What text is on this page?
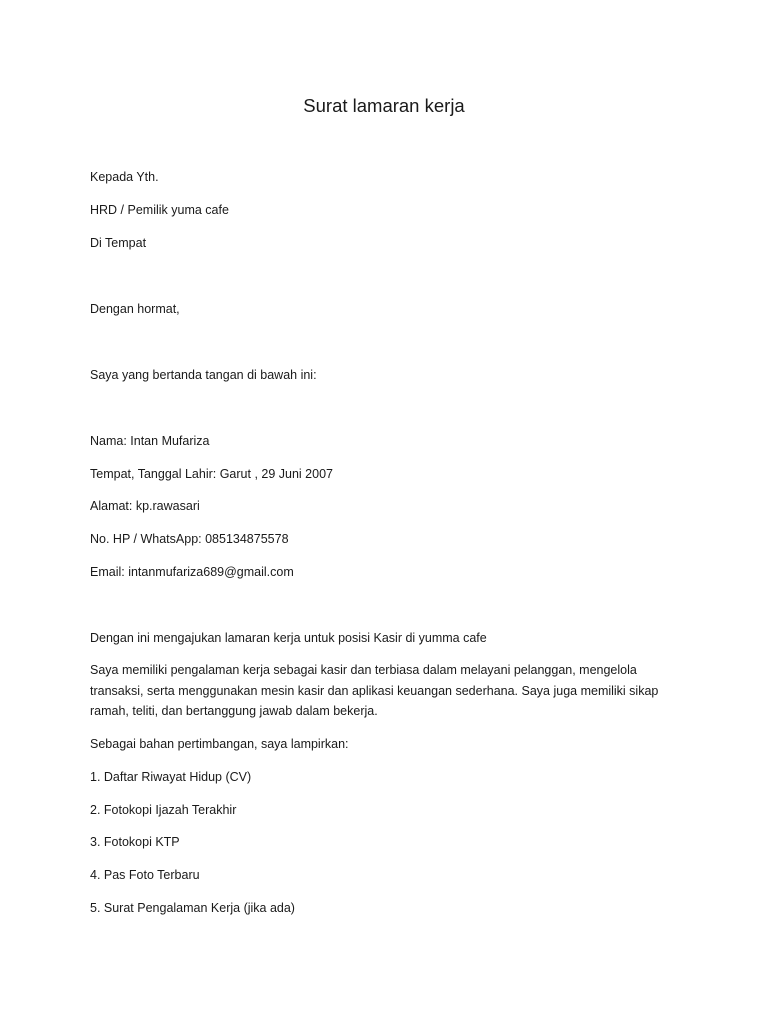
Surat lamaran kerja
Kepada Yth.
HRD / Pemilik yuma cafe
Di Tempat
Dengan hormat,
Saya yang bertanda tangan di bawah ini:
Nama: Intan Mufariza
Tempat, Tanggal Lahir: Garut , 29 Juni 2007
Alamat: kp.rawasari
No. HP / WhatsApp: 085134875578
Email: intanmufariza689@gmail.com
Dengan ini mengajukan lamaran kerja untuk posisi Kasir di yumma cafe
Saya memiliki pengalaman kerja sebagai kasir dan terbiasa dalam melayani pelanggan, mengelola
transaksi, serta menggunakan mesin kasir dan aplikasi keuangan sederhana. Saya juga memiliki sikap
ramah, teliti, dan bertanggung jawab dalam bekerja.
Sebagai bahan pertimbangan, saya lampirkan:
1. Daftar Riwayat Hidup (CV)
2. Fotokopi Ijazah Terakhir
3. Fotokopi KTP
4. Pas Foto Terbaru
5. Surat Pengalaman Kerja (jika ada)
